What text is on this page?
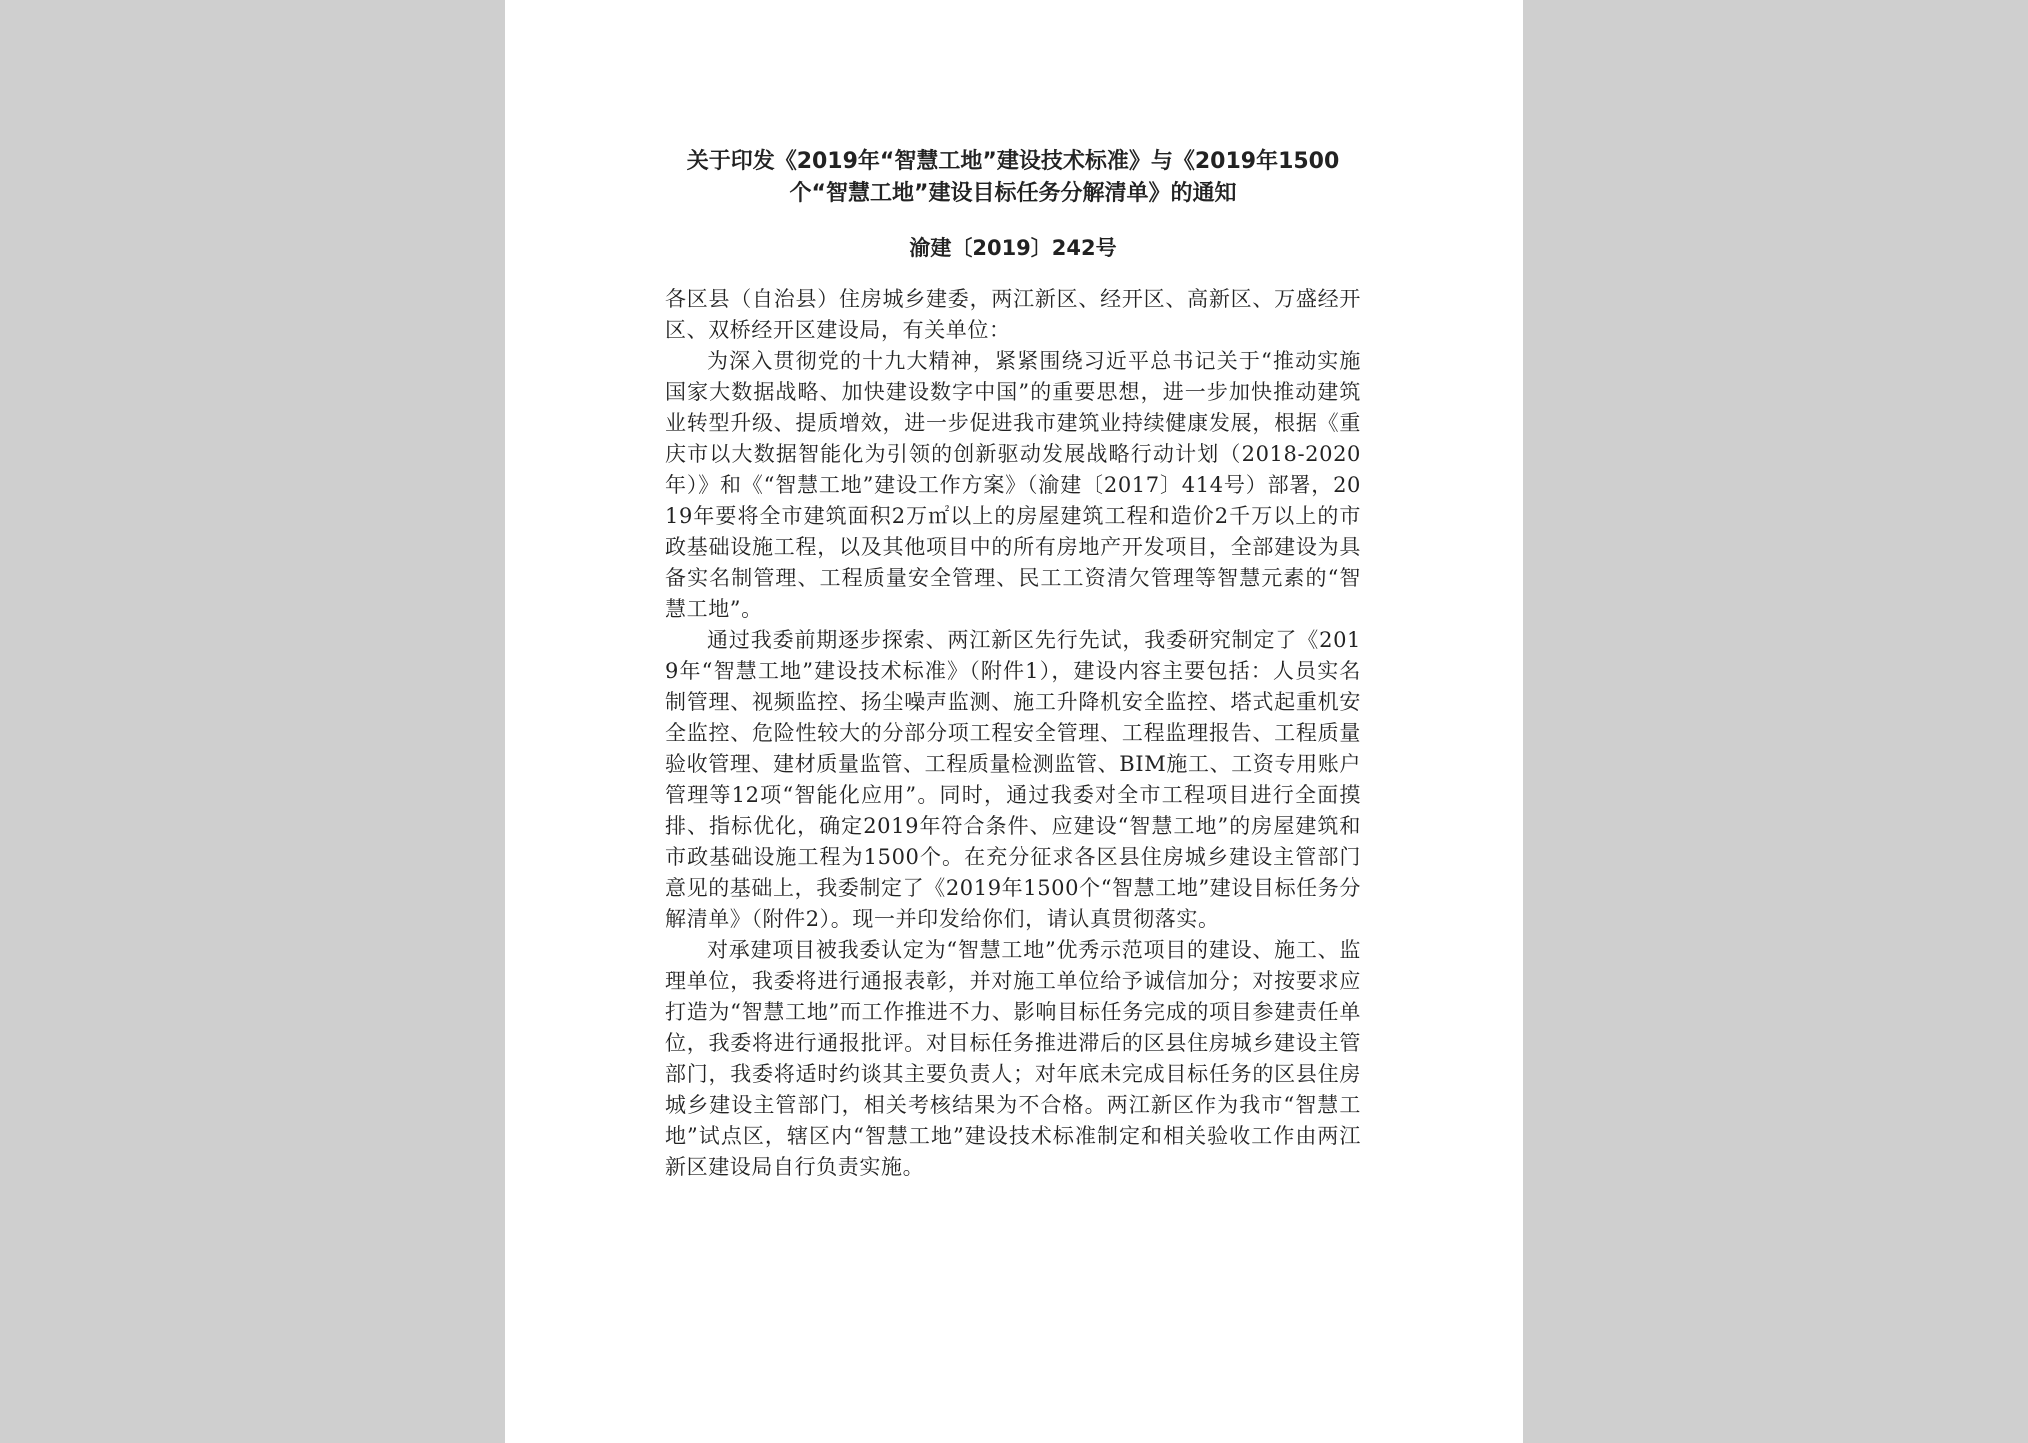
关于印发《2019年“智慧工地”建设技术标准》与《2019年1500
个“智慧工地”建设目标任务分解清单》的通知
渝建〔2019〕242号

各区县（自治县）住房城乡建委，两江新区、经开区、高新区、万盛经开区、双桥经开区建设局，有关单位：

为深入贯彻党的十九大精神，紧紧围绕习近平总书记关于“推动实施国家大数据战略、加快建设数字中国”的重要思想，进一步加快推动建筑业转型升级、提质增效，进一步促进我市建筑业持续健康发展，根据《重庆市以大数据智能化为引领的创新驱动发展战略行动计划（2018-2020年）》和《“智慧工地”建设工作方案》（渝建〔2017〕414号）部署，2019年要将全市建筑面积2万㎡以上的房屋建筑工程和造价2千万以上的市政基础设施工程，以及其他项目中的所有房地产开发项目，全部建设为具备实名制管理、工程质量安全管理、民工工资清欠管理等智慧元素的“智慧工地”。

通过我委前期逐步探索、两江新区先行先试，我委研究制定了《2019年“智慧工地”建设技术标准》（附件1），建设内容主要包括：人员实名制管理、视频监控、扬尘噪声监测、施工升降机安全监控、塔式起重机安全监控、危险性较大的分部分项工程安全管理、工程监理报告、工程质量验收管理、建材质量监管、工程质量检测监管、BIM施工、工资专用账户管理等12项“智能化应用”。同时，通过我委对全市工程项目进行全面摸排、指标优化，确定2019年符合条件、应建设“智慧工地”的房屋建筑和市政基础设施工程为1500个。在充分征求各区县住房城乡建设主管部门意见的基础上，我委制定了《2019年1500个“智慧工地”建设目标任务分解清单》（附件2）。现一并印发给你们，请认真贯彻落实。

对承建项目被我委认定为“智慧工地”优秀示范项目的建设、施工、监理单位，我委将进行通报表彰，并对施工单位给予诚信加分；对按要求应打造为“智慧工地”而工作推进不力、影响目标任务完成的项目参建责任单位，我委将进行通报批评。对目标任务推进滞后的区县住房城乡建设主管部门，我委将适时约谈其主要负责人；对年底未完成目标任务的区县住房城乡建设主管部门，相关考核结果为不合格。两江新区作为我市“智慧工地”试点区，辖区内“智慧工地”建设技术标准制定和相关验收工作由两江新区建设局自行负责实施。
